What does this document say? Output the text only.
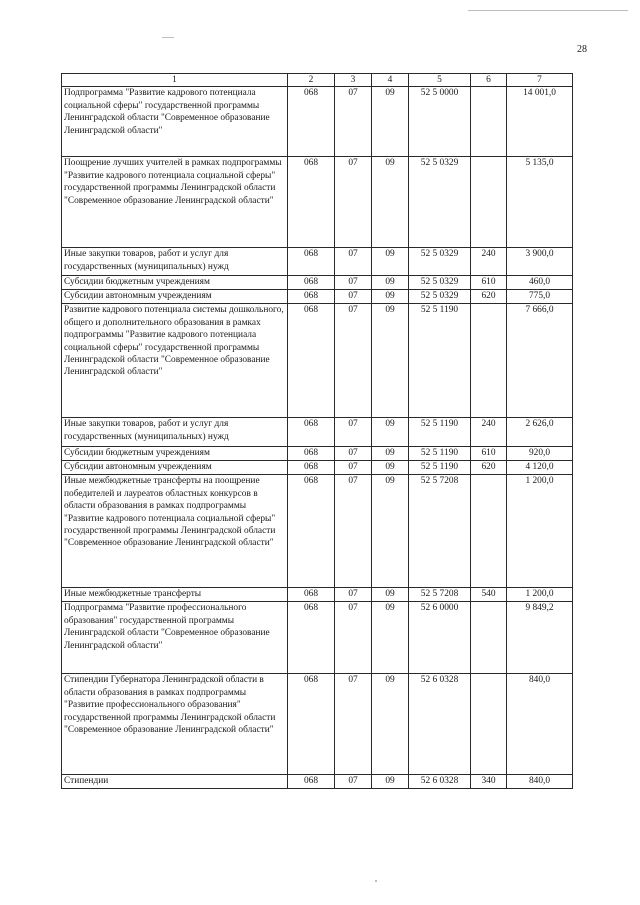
28
1	2	3	4	5	6	7
Подпрограмма "Развитие кадрового потенциала социальной сферы" государственной программы Ленинградской области "Современное образование Ленинградской области"	068	07	09	52 5 0000		14 001,0
Поощрение лучших учителей в рамках подпрограммы "Развитие кадрового потенциала социальной сферы" государственной программы Ленинградской области "Современное образование Ленинградской области"	068	07	09	52 5 0329		5 135,0
Иные закупки товаров, работ и услуг для государственных (муниципальных) нужд	068	07	09	52 5 0329	240	3 900,0
Субсидии бюджетным учреждениям	068	07	09	52 5 0329	610	460,0
Субсидии автономным учреждениям	068	07	09	52 5 0329	620	775,0
Развитие кадрового потенциала системы дошкольного, общего и дополнительного образования в рамках подпрограммы "Развитие кадрового потенциала социальной сферы" государственной программы Ленинградской области "Современное образование Ленинградской области"	068	07	09	52 5 1190		7 666,0
Иные закупки товаров, работ и услуг для государственных (муниципальных) нужд	068	07	09	52 5 1190	240	2 626,0
Субсидии бюджетным учреждениям	068	07	09	52 5 1190	610	920,0
Субсидии автономным учреждениям	068	07	09	52 5 1190	620	4 120,0
Иные межбюджетные трансферты на поощрение победителей и лауреатов областных конкурсов в области образования в рамках подпрограммы "Развитие кадрового потенциала социальной сферы" государственной программы Ленинградской области "Современное образование Ленинградской области"	068	07	09	52 5 7208		1 200,0
Иные межбюджетные трансферты	068	07	09	52 5 7208	540	1 200,0
Подпрограмма "Развитие профессионального образования" государственной программы Ленинградской области "Современное образование Ленинградской области"	068	07	09	52 6 0000		9 849,2
Стипендии Губернатора Ленинградской области в области образования в рамках подпрограммы "Развитие профессионального образования" государственной программы Ленинградской области "Современное образование Ленинградской области"	068	07	09	52 6 0328		840,0
Стипендии	068	07	09	52 6 0328	340	840,0
